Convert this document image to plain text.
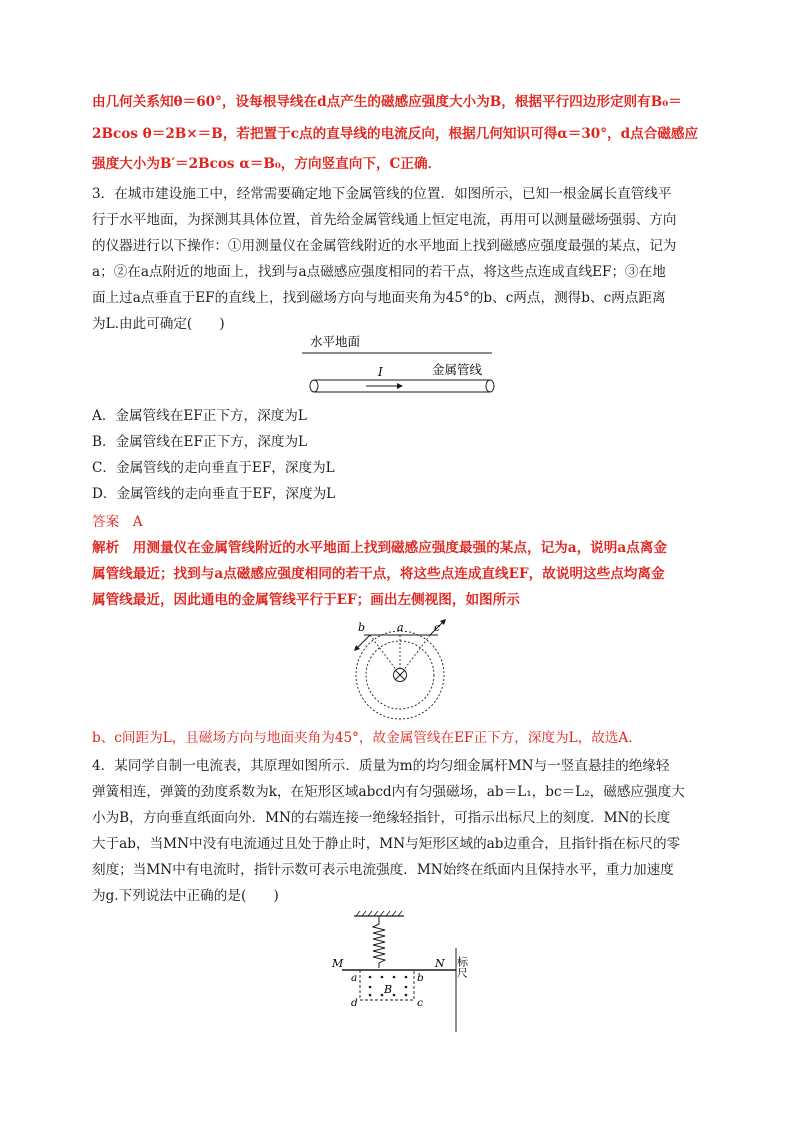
由几何关系知θ＝60°，设每根导线在d点产生的磁感应强度大小为B，根据平行四边形定则有B₀＝
2Bcos θ＝2B×＝B，若把置于c点的直导线的电流反向，根据几何知识可得α＝30°，d点合磁感应
强度大小为B′＝2Bcos α＝B₀，方向竖直向下，C正确．
3．在城市建设施工中，经常需要确定地下金属管线的位置．如图所示，已知一根金属长直管线平
行于水平地面，为探测其具体位置，首先给金属管线通上恒定电流，再用可以测量磁场强弱、方向
的仪器进行以下操作：①用测量仪在金属管线附近的水平地面上找到磁感应强度最强的某点，记为
a；②在a点附近的地面上，找到与a点磁感应强度相同的若干点，将这些点连成直线EF；③在地
面上过a点垂直于EF的直线上，找到磁场方向与地面夹角为45°的b、c两点，测得b、c两点距离
为L.由此可确定(　　)
水平地面
I	金属管线
A．金属管线在EF正下方，深度为L
B．金属管线在EF正下方，深度为L
C．金属管线的走向垂直于EF，深度为L
D．金属管线的走向垂直于EF，深度为L
答案　A
解析　用测量仪在金属管线附近的水平地面上找到磁感应强度最强的某点，记为a，说明a点离金
属管线最近；找到与a点磁感应强度相同的若干点，将这些点连成直线EF，故说明这些点均离金
属管线最近，因此通电的金属管线平行于EF；画出左侧视图，如图所示
b	a	c
b、c间距为L，且磁场方向与地面夹角为45°，故金属管线在EF正下方，深度为L，故选A.
4．某同学自制一电流表，其原理如图所示．质量为m的均匀细金属杆MN与一竖直悬挂的绝缘轻
弹簧相连，弹簧的劲度系数为k，在矩形区域abcd内有匀强磁场，ab＝L₁，bc＝L₂，磁感应强度大
小为B，方向垂直纸面向外．MN的右端连接一绝缘轻指针，可指示出标尺上的刻度．MN的长度
大于ab，当MN中没有电流通过且处于静止时，MN与矩形区域的ab边重合，且指针指在标尺的零
刻度；当MN中有电流时，指针示数可表示电流强度．MN始终在纸面内且保持水平，重力加速度
为g.下列说法中正确的是(　　)
M	N
a	b
c
d
B
标尺
